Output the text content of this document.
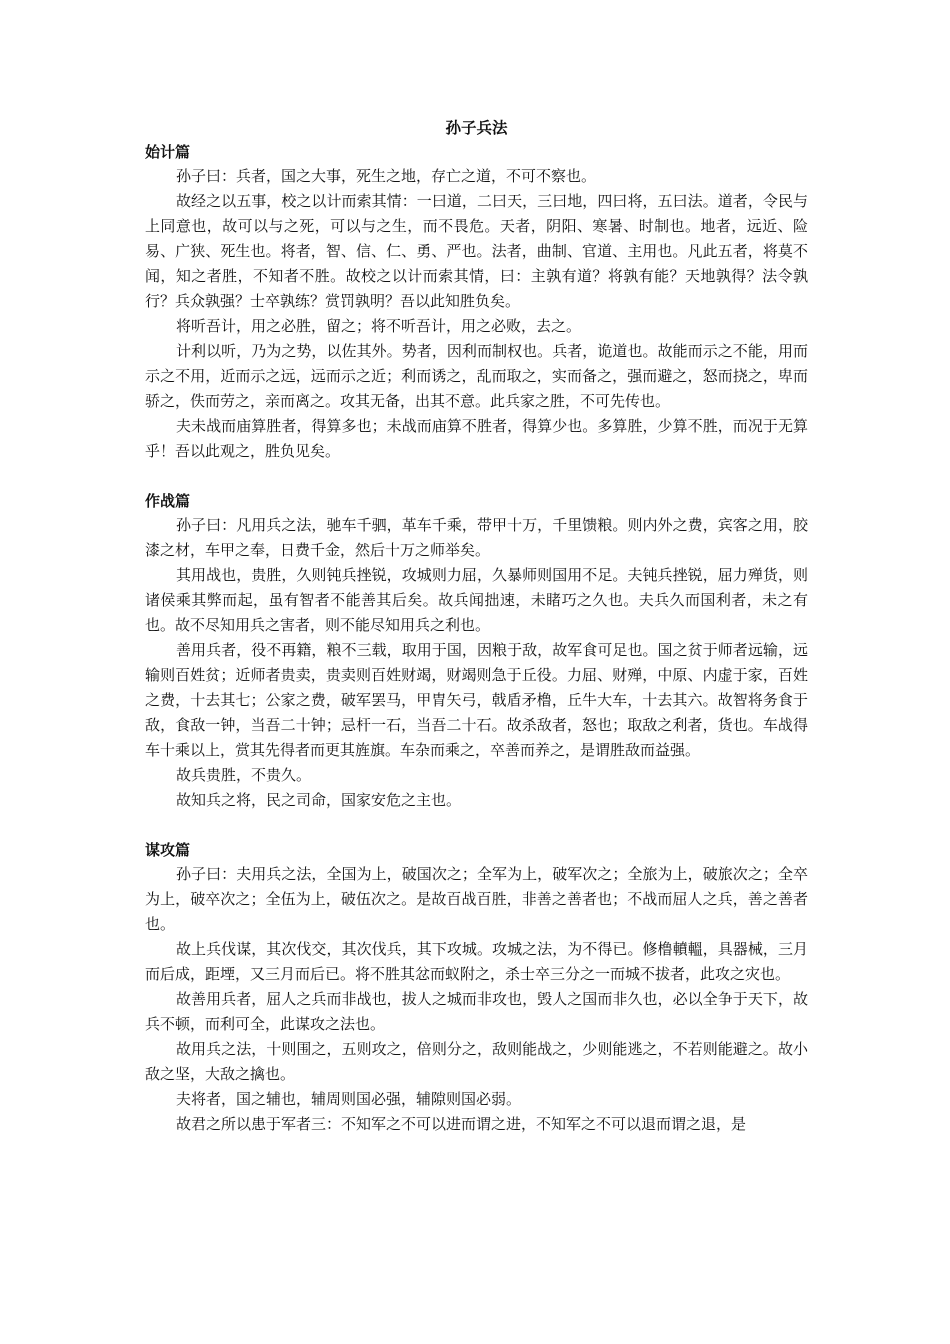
孙子兵法
始计篇

孙子曰：兵者，国之大事，死生之地，存亡之道，不可不察也。

故经之以五事，校之以计而索其情：一曰道，二曰天，三曰地，四曰将，五曰法。道者，令民与上同意也，故可以与之死，可以与之生，而不畏危。天者，阴阳、寒暑、时制也。地者，远近、险易、广狭、死生也。将者，智、信、仁、勇、严也。法者，曲制、官道、主用也。凡此五者，将莫不闻，知之者胜，不知者不胜。故校之以计而索其情，曰：主孰有道？将孰有能？天地孰得？法令孰行？兵众孰强？士卒孰练？赏罚孰明？吾以此知胜负矣。

将听吾计，用之必胜，留之；将不听吾计，用之必败，去之。

计利以听，乃为之势，以佐其外。势者，因利而制权也。兵者，诡道也。故能而示之不能，用而示之不用，近而示之远，远而示之近；利而诱之，乱而取之，实而备之，强而避之，怒而挠之，卑而骄之，佚而劳之，亲而离之。攻其无备，出其不意。此兵家之胜，不可先传也。

夫未战而庙算胜者，得算多也；未战而庙算不胜者，得算少也。多算胜，少算不胜，而况于无算乎！吾以此观之，胜负见矣。

作战篇

孙子曰：凡用兵之法，驰车千驷，革车千乘，带甲十万，千里馈粮。则内外之费，宾客之用，胶漆之材，车甲之奉，日费千金，然后十万之师举矣。

其用战也，贵胜，久则钝兵挫锐，攻城则力屈，久暴师则国用不足。夫钝兵挫锐，屈力殚货，则诸侯乘其弊而起，虽有智者不能善其后矣。故兵闻拙速，未睹巧之久也。夫兵久而国利者，未之有也。故不尽知用兵之害者，则不能尽知用兵之利也。

善用兵者，役不再籍，粮不三载，取用于国，因粮于敌，故军食可足也。国之贫于师者远输，远输则百姓贫；近师者贵卖，贵卖则百姓财竭，财竭则急于丘役。力屈、财殚，中原、内虚于家，百姓之费，十去其七；公家之费，破军罢马，甲胄矢弓，戟盾矛橹，丘牛大车，十去其六。故智将务食于敌，食敌一钟，当吾二十钟；忌杆一石，当吾二十石。故杀敌者，怒也；取敌之利者，货也。车战得车十乘以上，赏其先得者而更其旌旗。车杂而乘之，卒善而养之，是谓胜敌而益强。

故兵贵胜，不贵久。

故知兵之将，民之司命，国家安危之主也。

谋攻篇

孙子曰：夫用兵之法，全国为上，破国次之；全军为上，破军次之；全旅为上，破旅次之；全卒为上，破卒次之；全伍为上，破伍次之。是故百战百胜，非善之善者也；不战而屈人之兵，善之善者也。

故上兵伐谋，其次伐交，其次伐兵，其下攻城。攻城之法，为不得已。修橹轒轀，具器械，三月而后成，距堙，又三月而后已。将不胜其忿而蚁附之，杀士卒三分之一而城不拔者，此攻之灾也。

故善用兵者，屈人之兵而非战也，拔人之城而非攻也，毁人之国而非久也，必以全争于天下，故兵不顿，而利可全，此谋攻之法也。

故用兵之法，十则围之，五则攻之，倍则分之，敌则能战之，少则能逃之，不若则能避之。故小敌之坚，大敌之擒也。

夫将者，国之辅也，辅周则国必强，辅隙则国必弱。

故君之所以患于军者三：不知军之不可以进而谓之进，不知军之不可以退而谓之退，是
